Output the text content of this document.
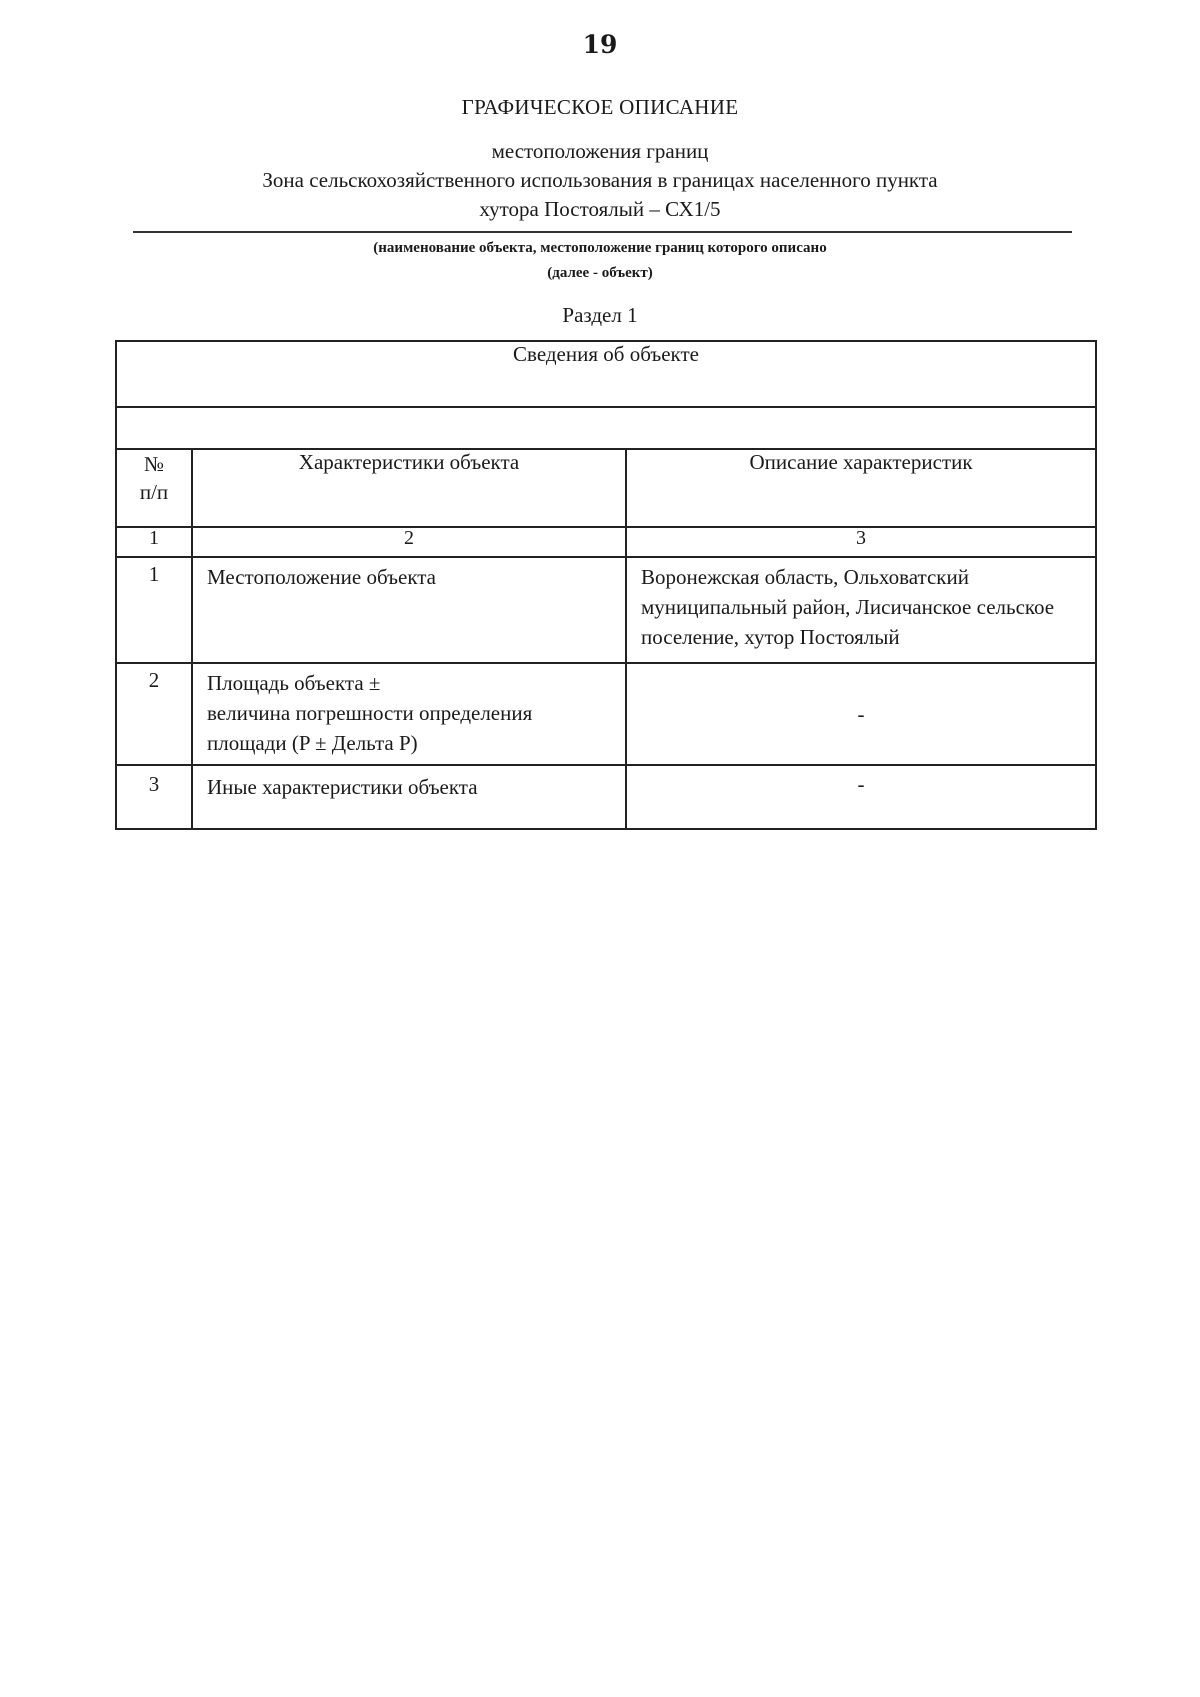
19
ГРАФИЧЕСКОЕ ОПИСАНИЕ
местоположения границ
Зона сельскохозяйственного использования в границах населенного пункта
хутора Постоялый – СХ1/5
(наименование объекта, местоположение границ которого описано
(далее - объект)
Раздел 1
Сведения об объекте		

№
п/п	Характеристики объекта	Описание характеристик
1	2	3
1	Местоположение объекта	Воронежская область, Ольховатский муниципальный район, Лисичанское сельское поселение, хутор Постоялый
2	Площадь объекта ±
величина погрешности определения
площади (P ± Дельта P)	-
3	Иные характеристики объекта	-
